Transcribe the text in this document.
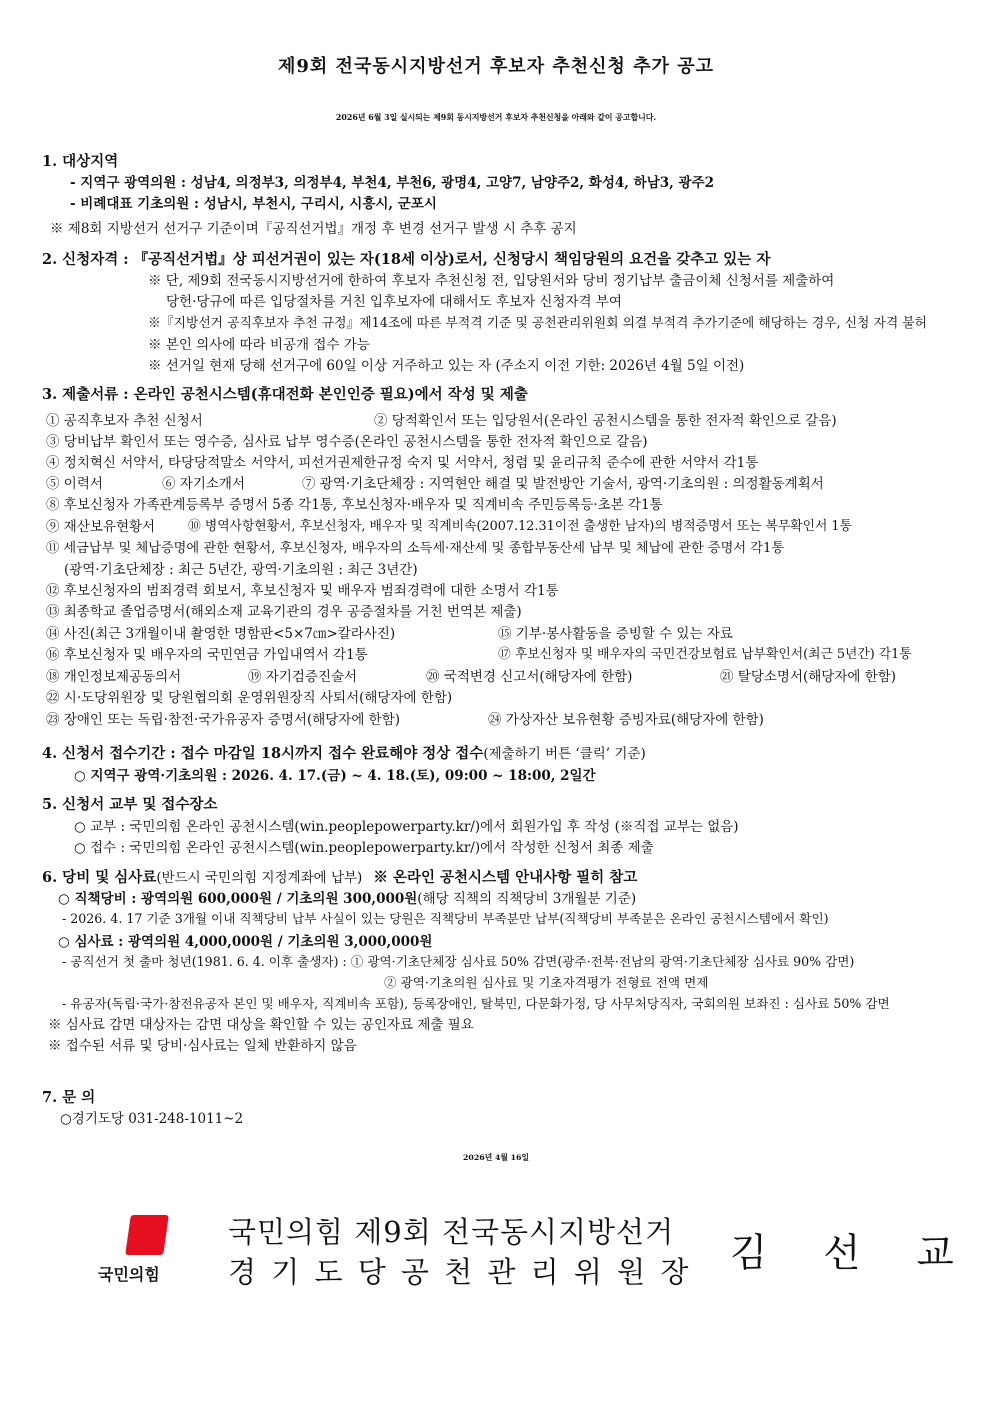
제9회 전국동시지방선거 후보자 추천신청 추가 공고
2026년 6월 3일 실시되는 제9회 동시지방선거 후보자 추천신청을 아래와 같이 공고합니다.
1. 대상지역
- 지역구 광역의원 : 성남4, 의정부3, 의정부4, 부천4, 부천6, 광명4, 고양7, 남양주2, 화성4, 하남3, 광주2
- 비례대표 기초의원 : 성남시, 부천시, 구리시, 시흥시, 군포시
※ 제8회 지방선거 선거구 기준이며『공직선거법』개정 후 변경 선거구 발생 시 추후 공지
2. 신청자격 : 『공직선거법』상 피선거권이 있는 자(18세 이상)로서, 신청당시 책임당원의 요건을 갖추고 있는 자
※ 단, 제9회 전국동시지방선거에 한하여 후보자 추천신청 전, 입당원서와 당비 정기납부 출금이체 신청서를 제출하여
당헌·당규에 따른 입당절차를 거친 입후보자에 대해서도 후보자 신청자격 부여
※『지방선거 공직후보자 추천 규정』제14조에 따른 부적격 기준 및 공천관리위원회 의결 부적격 추가기준에 해당하는 경우, 신청 자격 불허
※ 본인 의사에 따라 비공개 접수 가능
※ 선거일 현재 당해 선거구에 60일 이상 거주하고 있는 자 (주소지 이전 기한: 2026년 4월 5일 이전)
3. 제출서류 : 온라인 공천시스템(휴대전화 본인인증 필요)에서 작성 및 제출
① 공직후보자 추천 신청서	② 당적확인서 또는 입당원서(온라인 공천시스템을 통한 전자적 확인으로 갈음)
③ 당비납부 확인서 또는 영수증, 심사료 납부 영수증(온라인 공천시스템을 통한 전자적 확인으로 갈음)
④ 정치혁신 서약서, 타당당적말소 서약서, 피선거권제한규정 숙지 및 서약서, 청렴 및 윤리규칙 준수에 관한 서약서 각1통
⑤ 이력서	⑥ 자기소개서	⑦ 광역·기초단체장 : 지역현안 해결 및 발전방안 기술서, 광역·기초의원 : 의정활동계획서
⑧ 후보신청자 가족관계등록부 증명서 5종 각1통, 후보신청자·배우자 및 직계비속 주민등록등·초본 각1통
⑨ 재산보유현황서	⑩ 병역사항현황서, 후보신청자, 배우자 및 직계비속(2007.12.31이전 출생한 남자)의 병적증명서 또는 복무확인서 1통
⑪ 세금납부 및 체납증명에 관한 현황서, 후보신청자, 배우자의 소득세·재산세 및 종합부동산세 납부 및 체납에 관한 증명서 각1통
(광역·기초단체장 : 최근 5년간, 광역·기초의원 : 최근 3년간)
⑫ 후보신청자의 범죄경력 회보서, 후보신청자 및 배우자 범죄경력에 대한 소명서 각1통
⑬ 최종학교 졸업증명서(해외소재 교육기관의 경우 공증절차를 거친 번역본 제출)
⑭ 사진(최근 3개월이내 촬영한 명함판<5×7㎝>칼라사진)	⑮ 기부·봉사활동을 증빙할 수 있는 자료
⑯ 후보신청자 및 배우자의 국민연금 가입내역서 각1통	⑰ 후보신청자 및 배우자의 국민건강보험료 납부확인서(최근 5년간) 각1통
⑱ 개인정보제공동의서	⑲ 자기검증진술서	⑳ 국적변경 신고서(해당자에 한함)	㉑ 탈당소명서(해당자에 한함)
㉒ 시·도당위원장 및 당원협의회 운영위원장직 사퇴서(해당자에 한함)
㉓ 장애인 또는 독립·참전·국가유공자 증명서(해당자에 한함)	㉔ 가상자산 보유현황 증빙자료(해당자에 한함)
4. 신청서 접수기간 : 접수 마감일 18시까지 접수 완료해야 정상 접수(제출하기 버튼 ‘클릭’ 기준)
○ 지역구 광역·기초의원 : 2026. 4. 17.(금) ~ 4. 18.(토), 09:00 ~ 18:00, 2일간
5. 신청서 교부 및 접수장소
○ 교부 : 국민의힘 온라인 공천시스템(win.peoplepowerparty.kr/)에서 회원가입 후 작성 (※직접 교부는 없음)
○ 접수 : 국민의힘 온라인 공천시스템(win.peoplepowerparty.kr/)에서 작성한 신청서 최종 제출
6. 당비 및 심사료(반드시 국민의힘 지정계좌에 납부) ※ 온라인 공천시스템 안내사항 필히 참고
○ 직책당비 : 광역의원 600,000원 / 기초의원 300,000원(해당 직책의 직책당비 3개월분 기준)
- 2026. 4. 17 기준 3개월 이내 직책당비 납부 사실이 있는 당원은 직책당비 부족분만 납부(직책당비 부족분은 온라인 공천시스템에서 확인)
○ 심사료 : 광역의원 4,000,000원 / 기초의원 3,000,000원
- 공직선거 첫 출마 청년(1981. 6. 4. 이후 출생자) : ① 광역·기초단체장 심사료 50% 감면(광주·전북·전남의 광역·기초단체장 심사료 90% 감면)
② 광역·기초의원 심사료 및 기초자격평가 전형료 전액 면제
- 유공자(독립·국가·참전유공자 본인 및 배우자, 직계비속 포함), 등록장애인, 탈북민, 다문화가정, 당 사무처당직자, 국회의원 보좌진 : 심사료 50% 감면
※ 심사료 감면 대상자는 감면 대상을 확인할 수 있는 공인자료 제출 필요
※ 접수된 서류 및 당비·심사료는 일체 반환하지 않음
7. 문 의
○경기도당 031-248-1011~2
2026년 4월 16일
국민의힘
국민의힘 제9회 전국동시지방선거
경 기 도 당 공 천 관 리 위 원 장 김 선 교
